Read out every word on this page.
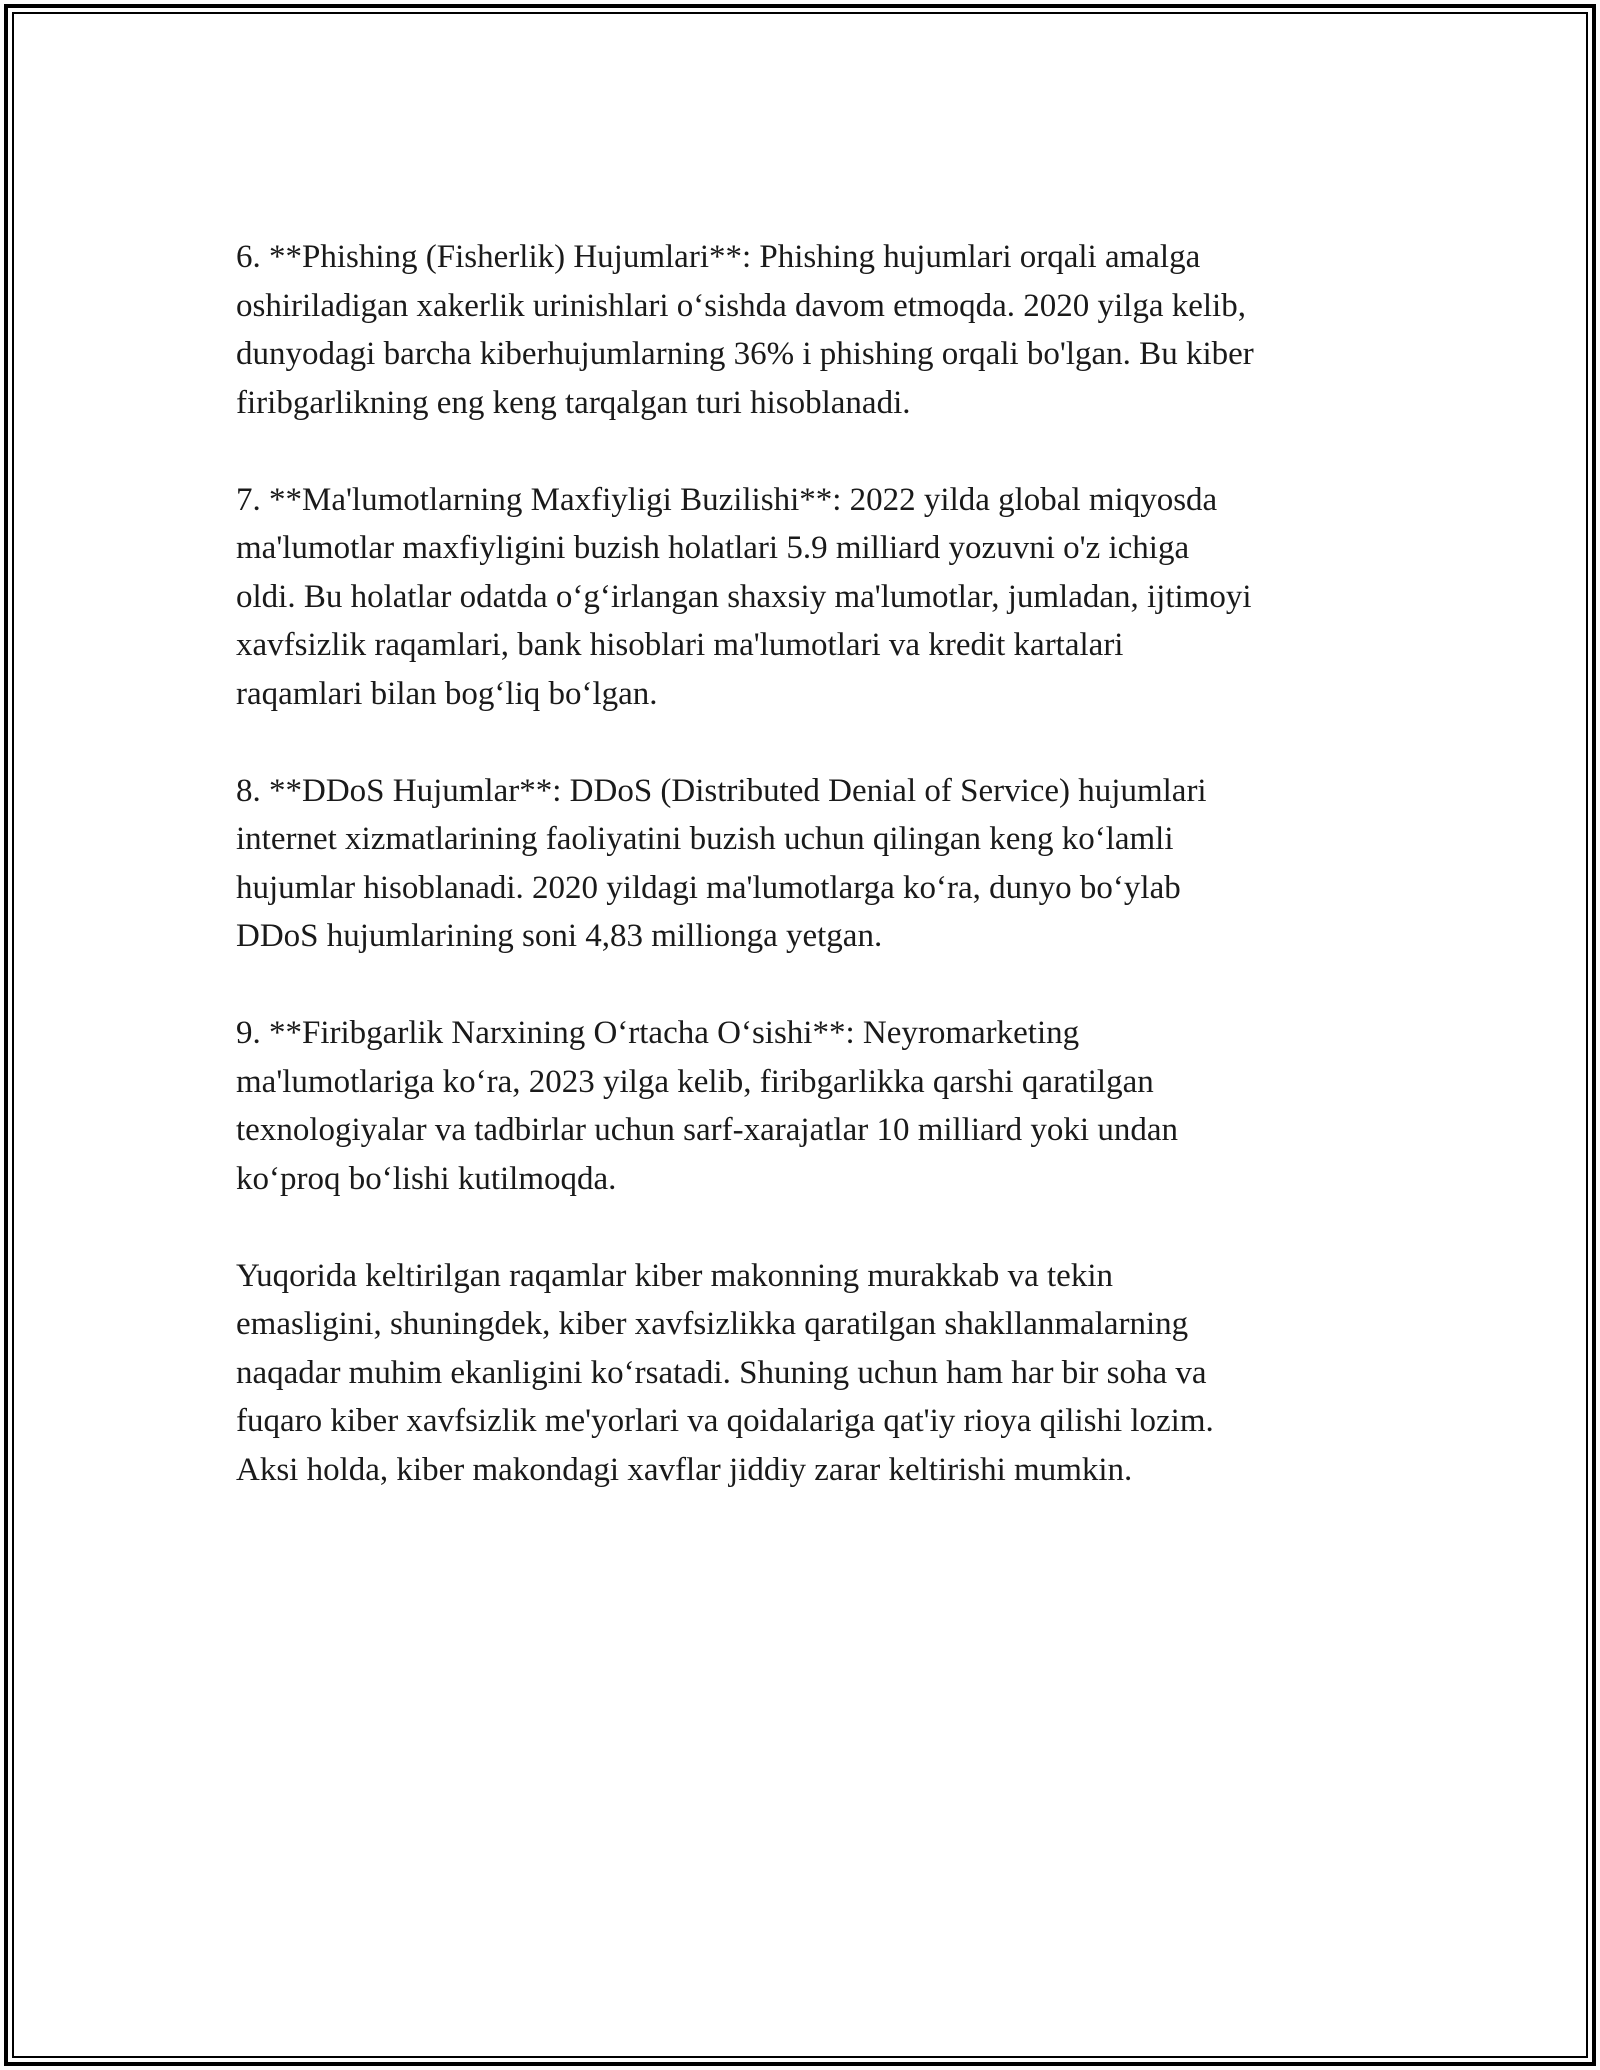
6. **Phishing (Fisherlik) Hujumlari**: Phishing hujumlari orqali amalga
oshiriladigan xakerlik urinishlari o‘sishda davom etmoqda. 2020 yilga kelib,
dunyodagi barcha kiberhujumlarning 36% i phishing orqali bo'lgan. Bu kiber
firibgarlikning eng keng tarqalgan turi hisoblanadi.

7. **Ma'lumotlarning Maxfiyligi Buzilishi**: 2022 yilda global miqyosda
ma'lumotlar maxfiyligini buzish holatlari 5.9 milliard yozuvni o'z ichiga
oldi. Bu holatlar odatda o‘g‘irlangan shaxsiy ma'lumotlar, jumladan, ijtimoyi
xavfsizlik raqamlari, bank hisoblari ma'lumotlari va kredit kartalari
raqamlari bilan bog‘liq bo‘lgan.

8. **DDoS Hujumlar**: DDoS (Distributed Denial of Service) hujumlari
internet xizmatlarining faoliyatini buzish uchun qilingan keng ko‘lamli
hujumlar hisoblanadi. 2020 yildagi ma'lumotlarga ko‘ra, dunyo bo‘ylab
DDoS hujumlarining soni 4,83 millionga yetgan.

9. **Firibgarlik Narxining O‘rtacha O‘sishi**: Neyromarketing
ma'lumotlariga ko‘ra, 2023 yilga kelib, firibgarlikka qarshi qaratilgan
texnologiyalar va tadbirlar uchun sarf-xarajatlar 10 milliard yoki undan
ko‘proq bo‘lishi kutilmoqda.

Yuqorida keltirilgan raqamlar kiber makonning murakkab va tekin
emasligini, shuningdek, kiber xavfsizlikka qaratilgan shakllanmalarning
naqadar muhim ekanligini ko‘rsatadi. Shuning uchun ham har bir soha va
fuqaro kiber xavfsizlik me'yorlari va qoidalariga qat'iy rioya qilishi lozim.
Aksi holda, kiber makondagi xavflar jiddiy zarar keltirishi mumkin.
